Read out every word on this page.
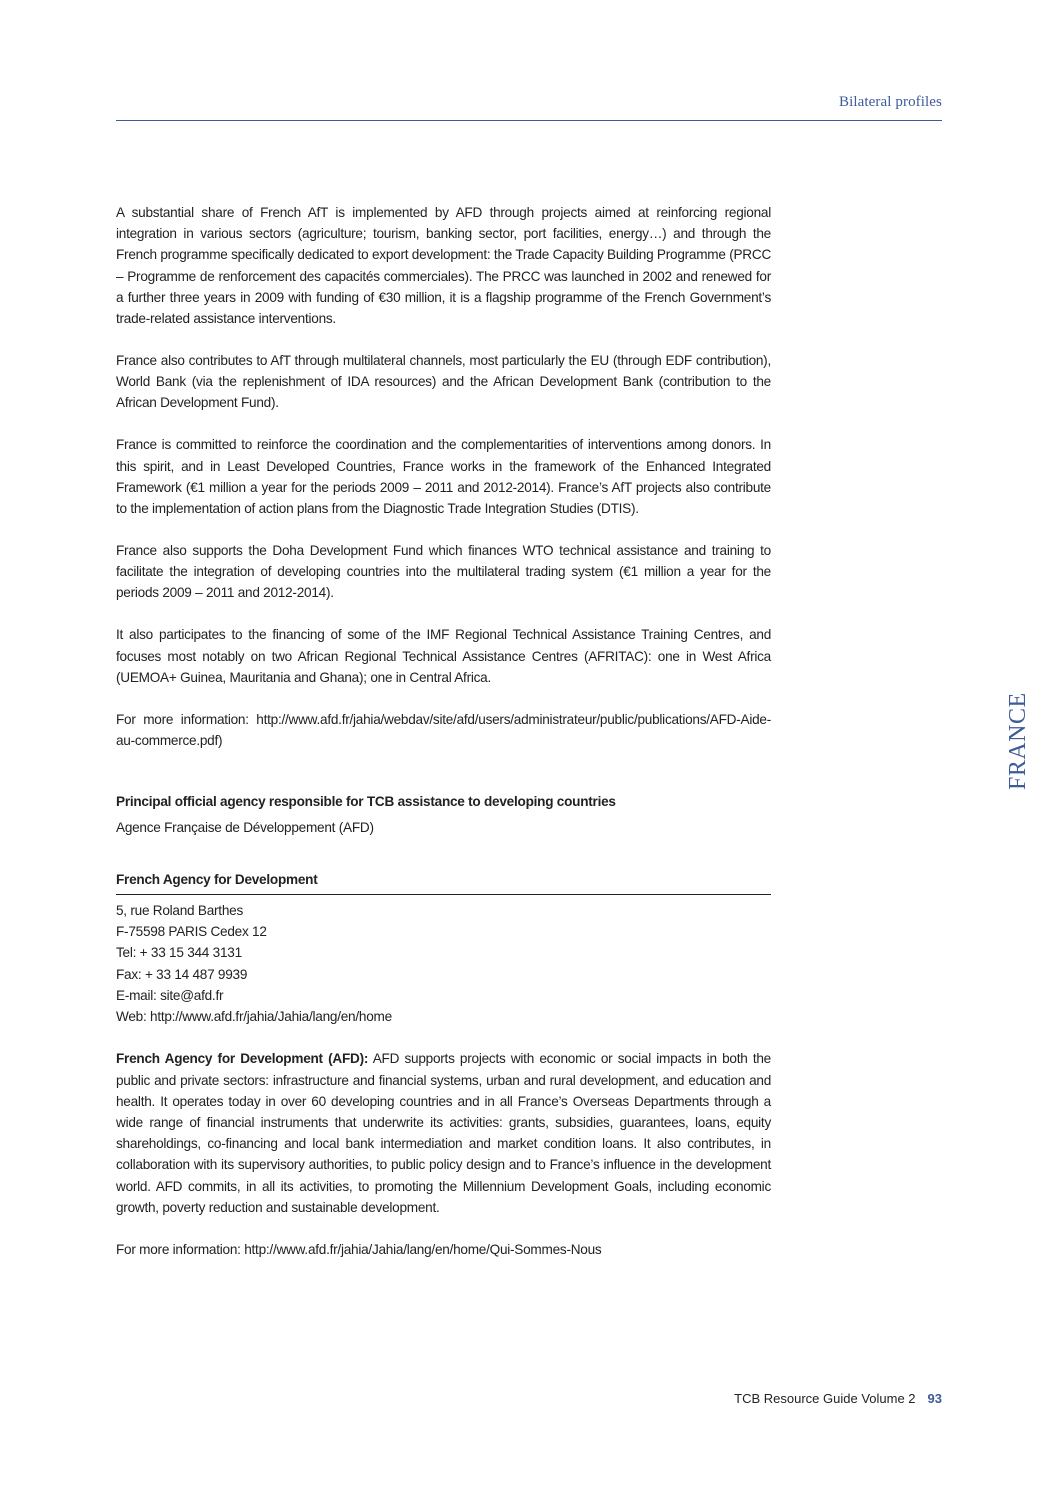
Bilateral profiles

A substantial share of French AfT is implemented by AFD through projects aimed at reinforcing regional integration in various sectors (agriculture; tourism, banking sector, port facilities, energy…) and through the French programme specifically dedicated to export development: the Trade Capacity Building Programme (PRCC – Programme de renforcement des capacités commerciales). The PRCC was launched in 2002 and renewed for a further three years in 2009 with funding of €30 million, it is a flagship programme of the French Government’s trade-related assistance interventions.

France also contributes to AfT through multilateral channels, most particularly the EU (through EDF contribution), World Bank (via the replenishment of IDA resources) and the African Development Bank (contribution to the African Development Fund).

France is committed to reinforce the coordination and the complementarities of interventions among donors. In this spirit, and in Least Developed Countries, France works in the framework of the Enhanced Integrated Framework (€1 million a year for the periods 2009 – 2011 and 2012-2014). France’s AfT projects also contribute to the implementation of action plans from the Diagnostic Trade Integration Studies (DTIS).

France also supports the Doha Development Fund which finances WTO technical assistance and training to facilitate the integration of developing countries into the multilateral trading system (€1 million a year for the periods 2009 – 2011 and 2012-2014).

It also participates to the financing of some of the IMF Regional Technical Assistance Training Centres, and focuses most notably on two African Regional Technical Assistance Centres (AFRITAC): one in West Africa (UEMOA+ Guinea, Mauritania and Ghana); one in Central Africa.

For more information: http://www.afd.fr/jahia/webdav/site/afd/users/administrateur/public/publications/AFD-Aide-au-commerce.pdf)

Principal official agency responsible for TCB assistance to developing countries
Agence Française de Développement (AFD)
French Agency for Development
5, rue Roland Barthes
F-75598 PARIS Cedex 12
Tel: + 33 15 344 3131
Fax: + 33 14 487 9939
E-mail: site@afd.fr
Web: http://www.afd.fr/jahia/Jahia/lang/en/home

French Agency for Development (AFD): AFD supports projects with economic or social impacts in both the public and private sectors: infrastructure and financial systems, urban and rural development, and education and health. It operates today in over 60 developing countries and in all France’s Overseas Departments through a wide range of financial instruments that underwrite its activities: grants, subsidies, guarantees, loans, equity shareholdings, co-financing and local bank intermediation and market condition loans. It also contributes, in collaboration with its supervisory authorities, to public policy design and to France’s influence in the development world. AFD commits, in all its activities, to promoting the Millennium Development Goals, including economic growth, poverty reduction and sustainable development.

For more information: http://www.afd.fr/jahia/Jahia/lang/en/home/Qui-Sommes-Nous

FRANCE
TCB Resource Guide Volume 2 93
